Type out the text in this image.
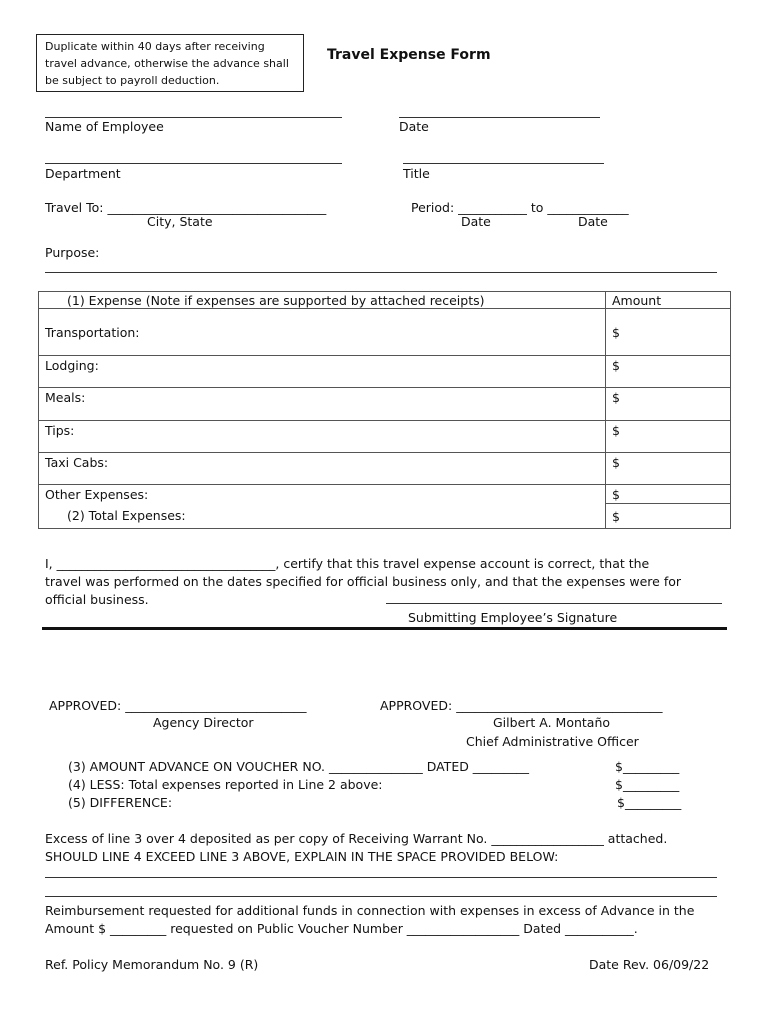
Duplicate within 40 days after receiving travel advance, otherwise the advance shall be subject to payroll deduction.
Travel Expense Form
Name of Employee	Date
Department	Title
Travel To: ___________________________________	Period: ___________ to _____________
City, State	Date	Date
Purpose:
(1) Expense (Note if expenses are supported by attached receipts)	Amount
Transportation:	$
Lodging:	$
Meals:	$
Tips:	$
Taxi Cabs:	$
Other Expenses:	$
(2) Total Expenses:	$
I, ___________________________________, certify that this travel expense account is correct, that the
travel was performed on the dates specified for official business only, and that the expenses were for
official business.
Submitting Employee’s Signature
APPROVED: _____________________________
Agency Director
APPROVED: _________________________________
Gilbert A. Montaño
Chief Administrative Officer
(3) AMOUNT ADVANCE ON VOUCHER NO. _______________ DATED _________	$_________
(4) LESS: Total expenses reported in Line 2 above:	$_________
(5) DIFFERENCE:	$_________
Excess of line 3 over 4 deposited as per copy of Receiving Warrant No. __________________ attached.
SHOULD LINE 4 EXCEED LINE 3 ABOVE, EXPLAIN IN THE SPACE PROVIDED BELOW:
Reimbursement requested for additional funds in connection with expenses in excess of Advance in the
Amount $ _________ requested on Public Voucher Number __________________ Dated ___________.
Ref. Policy Memorandum No. 9 (R)	Date Rev. 06/09/22
